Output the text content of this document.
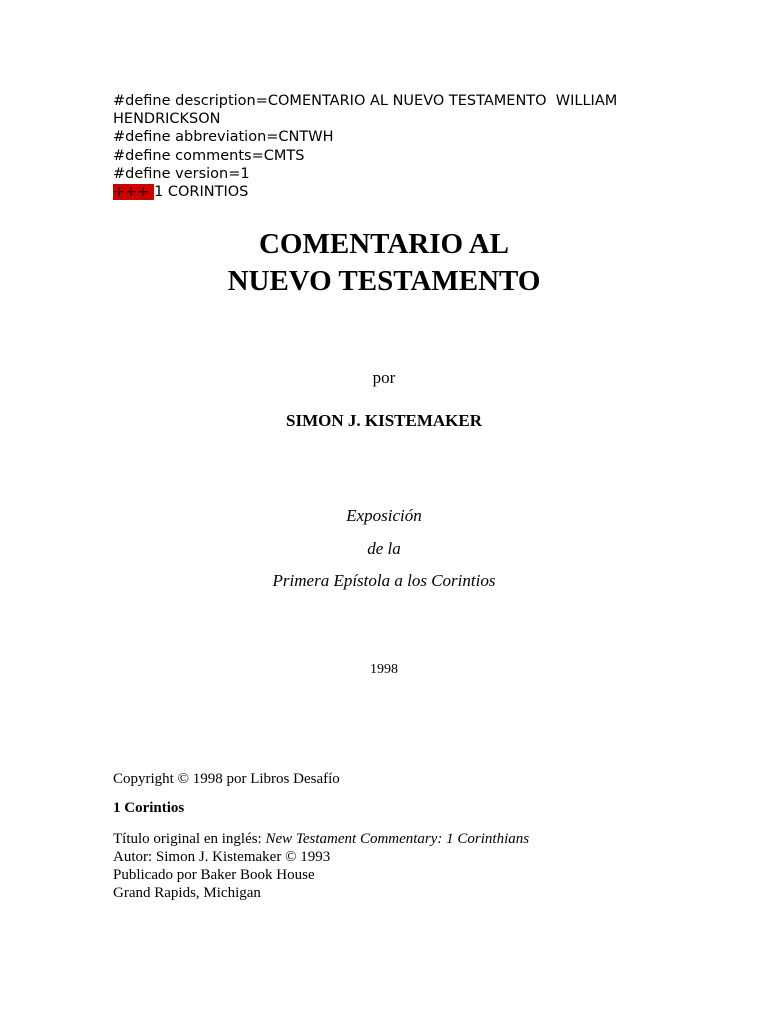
#define description=COMENTARIO AL NUEVO TESTAMENTO  WILLIAM HENDRICKSON
#define abbreviation=CNTWH
#define comments=CMTS
#define version=1
+++ 1 CORINTIOS
COMENTARIO AL
NUEVO TESTAMENTO
por
SIMON J. KISTEMAKER
Exposición
de la
Primera Epístola a los Corintios
1998
Copyright © 1998 por Libros Desafío
1 Corintios
Título original en inglés: New Testament Commentary: 1 Corinthians
Autor: Simon J. Kistemaker © 1993
Publicado por Baker Book House
Grand Rapids, Michigan
